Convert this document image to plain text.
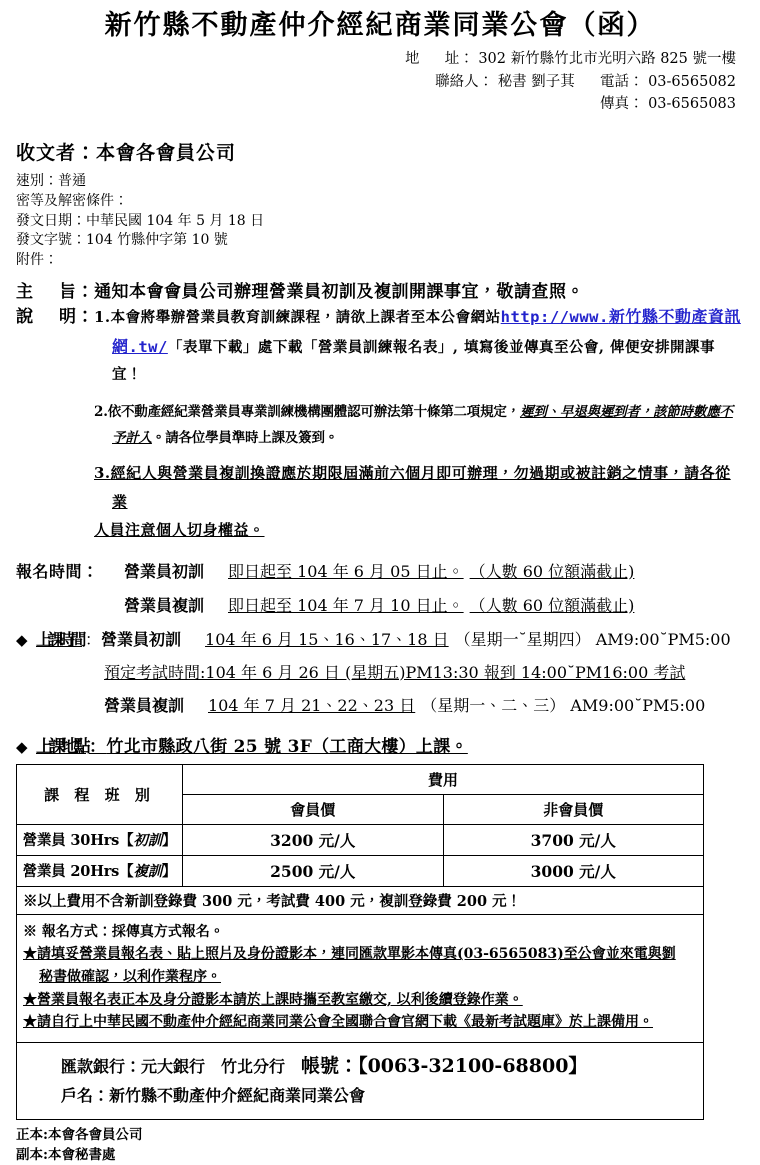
新竹縣不動產仲介經紀商業同業公會（函）
地 址： 302 新竹縣竹北市光明六路 825 號一樓
聯絡人： 秘書 劉子萁 電話： 03-6565082
傳真： 03-6565083
收文者：本會各會員公司
速別：普通
密等及解密條件：
發文日期：中華民國 104 年 5 月 18 日
發文字號：104 竹縣仲字第 10 號
附件：
主 旨：通知本會會員公司辦理營業員初訓及複訓開課事宜，敬請查照。
說 明： 1.本會將舉辦營業員教育訓練課程，請欲上課者至本公會網站http://www.新竹縣不動產資訊網.tw/「表單下載」處下載「營業員訓練報名表」, 填寫後並傳真至公會, 俾便安排開課事宜！
2.依不動產經紀業營業員專業訓練機構團體認可辦法第十條第二項規定，遲到、早退與遲到者，該節時數應不予計入。請各位學員準時上課及簽到。
3.經紀人與營業員複訓換證應於期限屆滿前六個月即可辦理，勿過期或被註銷之情事，請各從業
人員注意個人切身權益。
報名時間：	營業員初訓	即日起至 104 年 6 月 05 日止。 （人數 60 位額滿截止)

營業員複訓	即日起至 104 年 7 月 10 日止。 （人數 60 位額滿截止)
◆ 上課時間 ： 營業員初訓	104 年 6 月 15、16、17、18 日 （星期一˘星期四） AM9:00˘PM5:00
預定考試時間:104 年 6 月 26 日 (星期五)PM13:30 報到 14:00˘PM16:00 考試
營業員複訓	104 年 7 月 21、22、23 日 （星期一、二、三） AM9:00˘PM5:00
◆ 上課地點 ： 竹北市縣政八街 25 號 3F（工商大樓）上課。
課 程 班 別	費用	
	會員價	非會員價
營業員 30Hrs【初訓】	3200 元/人	3700 元/人
營業員 20Hrs【複訓】	2500 元/人	3000 元/人
※以上費用不含新訓登錄費 300 元，考試費 400 元，複訓登錄費 200 元！
※ 報名方式：採傳真方式報名。
★請填妥營業員報名表、貼上照片及身份證影本，連同匯款單影本傳真(03-6565083)至公會並來電與劉
秘書做確認，以利作業程序。
★營業員報名表正本及身分證影本請於上課時攜至教室繳交, 以利後續登錄作業。
★請自行上中華民國不動產仲介經紀商業同業公會全國聯合會官網下載《最新考試題庫》於上課備用。
匯款銀行：元大銀行 竹北分行 帳號：【0063-32100-68800】
戶名：新竹縣不動產仲介經紀商業同業公會
正本:本會各會員公司
副本:本會秘書處
